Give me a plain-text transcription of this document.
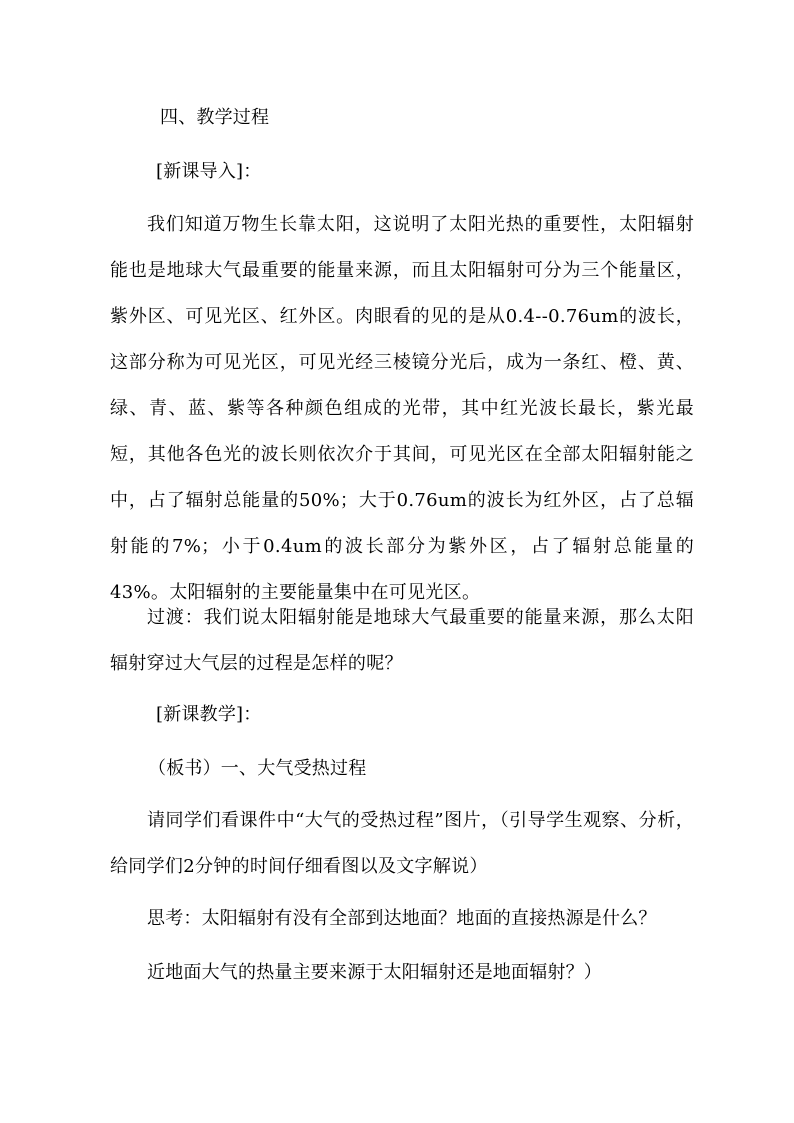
四、教学过程
[新课导入]：
我们知道万物生长靠太阳，这说明了太阳光热的重要性，太阳辐射能也是地球大气最重要的能量来源，而且太阳辐射可分为三个能量区，紫外区、可见光区、红外区。肉眼看的见的是从0.4--0.76um的波长，这部分称为可见光区，可见光经三棱镜分光后，成为一条红、橙、黄、绿、青、蓝、紫等各种颜色组成的光带，其中红光波长最长，紫光最短，其他各色光的波长则依次介于其间，可见光区在全部太阳辐射能之中，占了辐射总能量的50%；大于0.76um的波长为红外区，占了总辐射能的7%；小于0.4um的波长部分为紫外区，占了辐射总能量的43%。太阳辐射的主要能量集中在可见光区。
过渡：我们说太阳辐射能是地球大气最重要的能量来源，那么太阳辐射穿过大气层的过程是怎样的呢？
[新课教学]：
（板书）一、大气受热过程
请同学们看课件中“大气的受热过程”图片，（引导学生观察、分析，给同学们2分钟的时间仔细看图以及文字解说）
思考：太阳辐射有没有全部到达地面？地面的直接热源是什么？
近地面大气的热量主要来源于太阳辐射还是地面辐射？）
